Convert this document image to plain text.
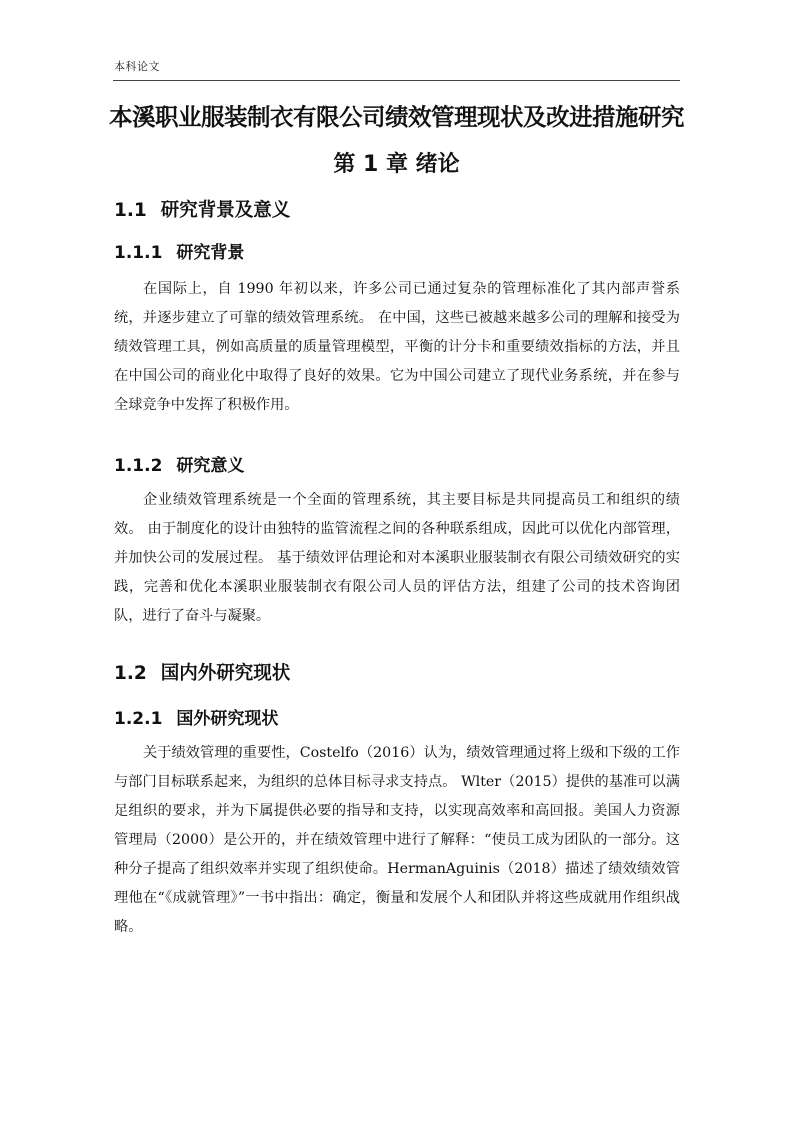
本科论文
本溪职业服装制衣有限公司绩效管理现状及改进措施研究
第 1 章 绪论
1.1 研究背景及意义
1.1.1 研究背景

在国际上，自 1990 年初以来，许多公司已通过复杂的管理标准化了其内部声誉系统，并逐步建立了可靠的绩效管理系统。 在中国，这些已被越来越多公司的理解和接受为绩效管理工具，例如高质量的质量管理模型，平衡的计分卡和重要绩效指标的方法，并且在中国公司的商业化中取得了良好的效果。它为中国公司建立了现代业务系统，并在参与全球竞争中发挥了积极作用。

1.1.2 研究意义

企业绩效管理系统是一个全面的管理系统，其主要目标是共同提高员工和组织的绩效。 由于制度化的设计由独特的监管流程之间的各种联系组成，因此可以优化内部管理，并加快公司的发展过程。 基于绩效评估理论和对本溪职业服装制衣有限公司绩效研究的实践，完善和优化本溪职业服装制衣有限公司人员的评估方法，组建了公司的技术咨询团队，进行了奋斗与凝聚。

1.2 国内外研究现状
1.2.1 国外研究现状

关于绩效管理的重要性，Costelfo（2016）认为，绩效管理通过将上级和下级的工作与部门目标联系起来，为组织的总体目标寻求支持点。 Wlter（2015）提供的基准可以满足组织的要求，并为下属提供必要的指导和支持，以实现高效率和高回报。美国人力资源管理局（2000）是公开的，并在绩效管理中进行了解释：“使员工成为团队的一部分。这种分子提高了组织效率并实现了组织使命。HermanAguinis（2018）描述了绩效绩效管理他在“《成就管理》”一书中指出：确定，衡量和发展个人和团队并将这些成就用作组织战略。
